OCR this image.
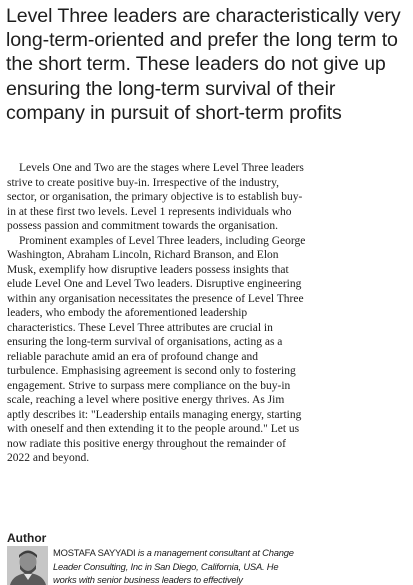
Level Three leaders are characteristically very long-term-oriented and prefer the long term to the short term. These leaders do not give up ensuring the long-term survival of their company in pursuit of short-term profits

Levels One and Two are the stages where Level Three leaders strive to create positive buy-in. Irrespective of the industry, sector, or organisation, the primary objective is to establish buy-in at these first two levels. Level 1 represents individuals who possess passion and commitment towards the organisation.

Prominent examples of Level Three leaders, including George Washington, Abraham Lincoln, Richard Branson, and Elon Musk, exemplify how disruptive leaders possess insights that elude Level One and Level Two leaders. Disruptive engineering within any organisation necessitates the presence of Level Three leaders, who embody the aforementioned leadership characteristics. These Level Three attributes are crucial in ensuring the long-term survival of organisations, acting as a reliable parachute amid an era of profound change and turbulence. Emphasising agreement is second only to fostering engagement. Strive to surpass mere compliance on the buy-in scale, reaching a level where positive energy thrives. As Jim aptly describes it: "Leadership entails managing energy, starting with oneself and then extending it to the people around." Let us now radiate this positive energy throughout the remainder of 2022 and beyond.

Author

MOSTAFA SAYYADI is a management consultant at Change Leader Consulting, Inc in San Diego, California, USA. He works with senior business leaders to effectively
